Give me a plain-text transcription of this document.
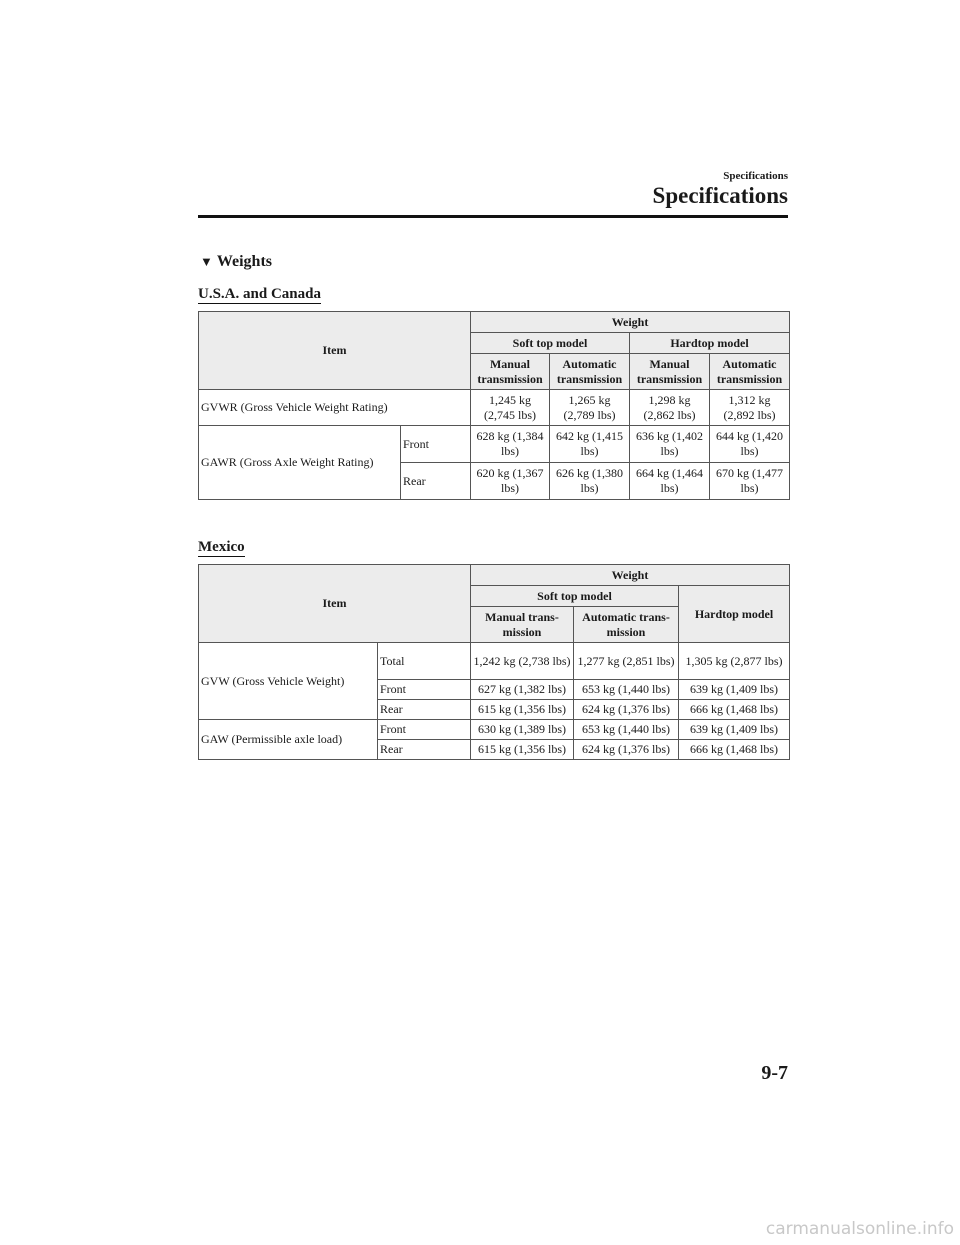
Specifications
Specifications
▼ Weights
U.S.A. and Canada
Item		Weight			
		Soft top model		Hardtop model	
		Manual transmission	Automatic transmission	Manual transmission	Automatic transmission
GVWR (Gross Vehicle Weight Rating)		1,245 kg (2,745 lbs)	1,265 kg (2,789 lbs)	1,298 kg (2,862 lbs)	1,312 kg (2,892 lbs)
GAWR (Gross Axle Weight Rating)	Front	628 kg (1,384 lbs)	642 kg (1,415 lbs)	636 kg (1,402 lbs)	644 kg (1,420 lbs)
	Rear	620 kg (1,367 lbs)	626 kg (1,380 lbs)	664 kg (1,464 lbs)	670 kg (1,477 lbs)
Mexico
Item		Weight		
		Soft top model		Hardtop model
		Manual trans-mission	Automatic trans-mission	
GVW (Gross Vehicle Weight)	Total	1,242 kg (2,738 lbs)	1,277 kg (2,851 lbs)	1,305 kg (2,877 lbs)
	Front	627 kg (1,382 lbs)	653 kg (1,440 lbs)	639 kg (1,409 lbs)
	Rear	615 kg (1,356 lbs)	624 kg (1,376 lbs)	666 kg (1,468 lbs)
GAW (Permissible axle load)	Front	630 kg (1,389 lbs)	653 kg (1,440 lbs)	639 kg (1,409 lbs)
	Rear	615 kg (1,356 lbs)	624 kg (1,376 lbs)	666 kg (1,468 lbs)
9-7
carmanualsonline.info
